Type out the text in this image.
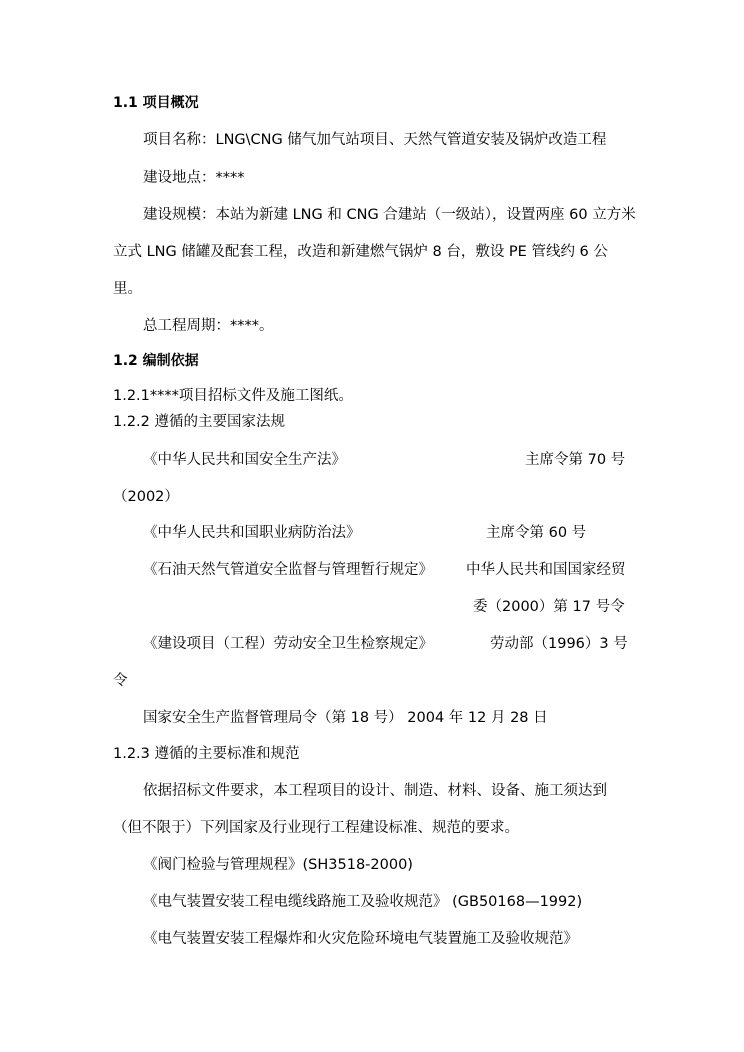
1.1 项目概况
项目名称：LNG\CNG 储气加气站项目、天然气管道安装及锅炉改造工程
建设地点：****
建设规模：本站为新建 LNG 和 CNG 合建站（一级站），设置两座 60 立方米
立式 LNG 储罐及配套工程，改造和新建燃气锅炉 8 台，敷设 PE 管线约 6 公
里。
总工程周期：****。
1.2 编制依据
1.2.1****项目招标文件及施工图纸。
1.2.2 遵循的主要国家法规
《中华人民共和国安全生产法》	主席令第 70 号
（2002）
《中华人民共和国职业病防治法》	主席令第 60 号
《石油天然气管道安全监督与管理暂行规定》 中华人民共和国国家经贸
委（2000）第 17 号令
《建设项目（工程）劳动安全卫生检察规定》	劳动部（1996）3 号
令
国家安全生产监督管理局令（第 18 号） 2004 年 12 月 28 日
1.2.3 遵循的主要标准和规范
依据招标文件要求，本工程项目的设计、制造、材料、设备、施工须达到
（但不限于）下列国家及行业现行工程建设标准、规范的要求。
《阀门检验与管理规程》(SH3518-2000)
《电气装置安装工程电缆线路施工及验收规范》 (GB50168—1992)
《电气装置安装工程爆炸和火灾危险环境电气装置施工及验收规范》
